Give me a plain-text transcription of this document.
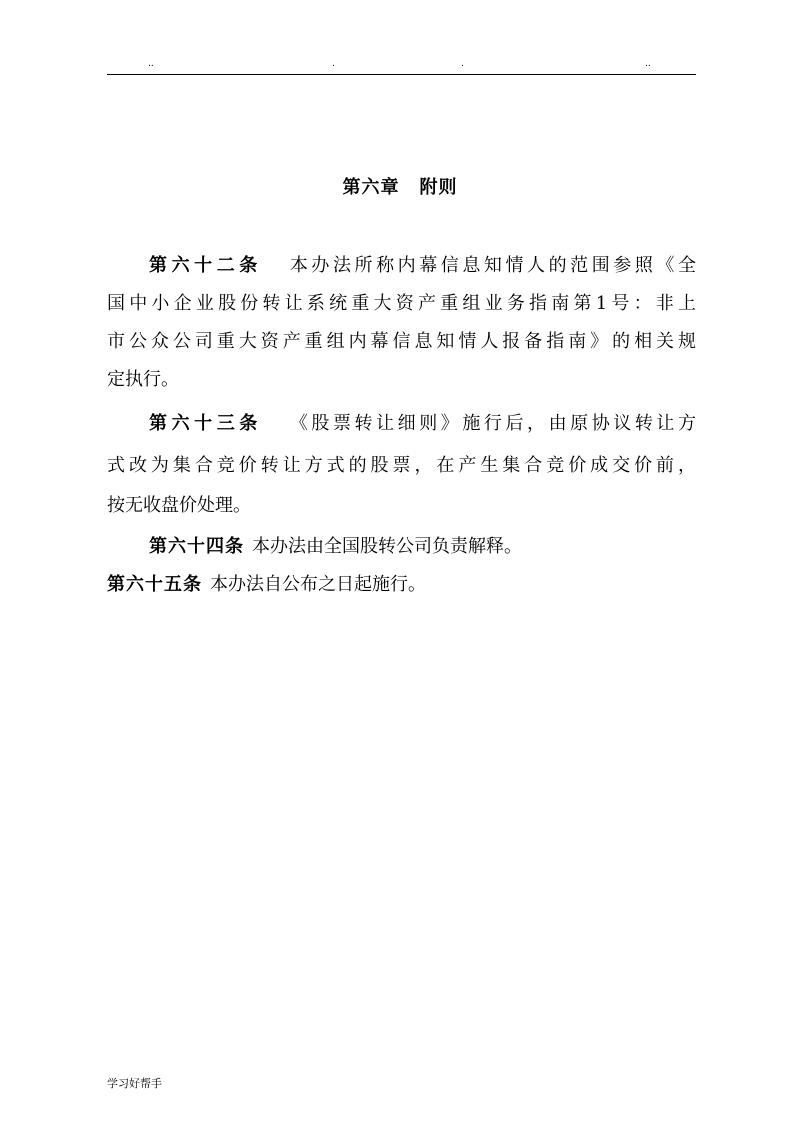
..	.	.	..
第六章 附则
第六十二条 本办法所称内幕信息知情人的范围参照《全
国中小企业股份转让系统重大资产重组业务指南第1号：非上
市公众公司重大资产重组内幕信息知情人报备指南》的相关规
定执行。
第六十三条 《股票转让细则》施行后，由原协议转让方
式改为集合竞价转让方式的股票，在产生集合竞价成交价前，
按无收盘价处理。
第六十四条 本办法由全国股转公司负责解释。
第六十五条 本办法自公布之日起施行。
学习好帮手
